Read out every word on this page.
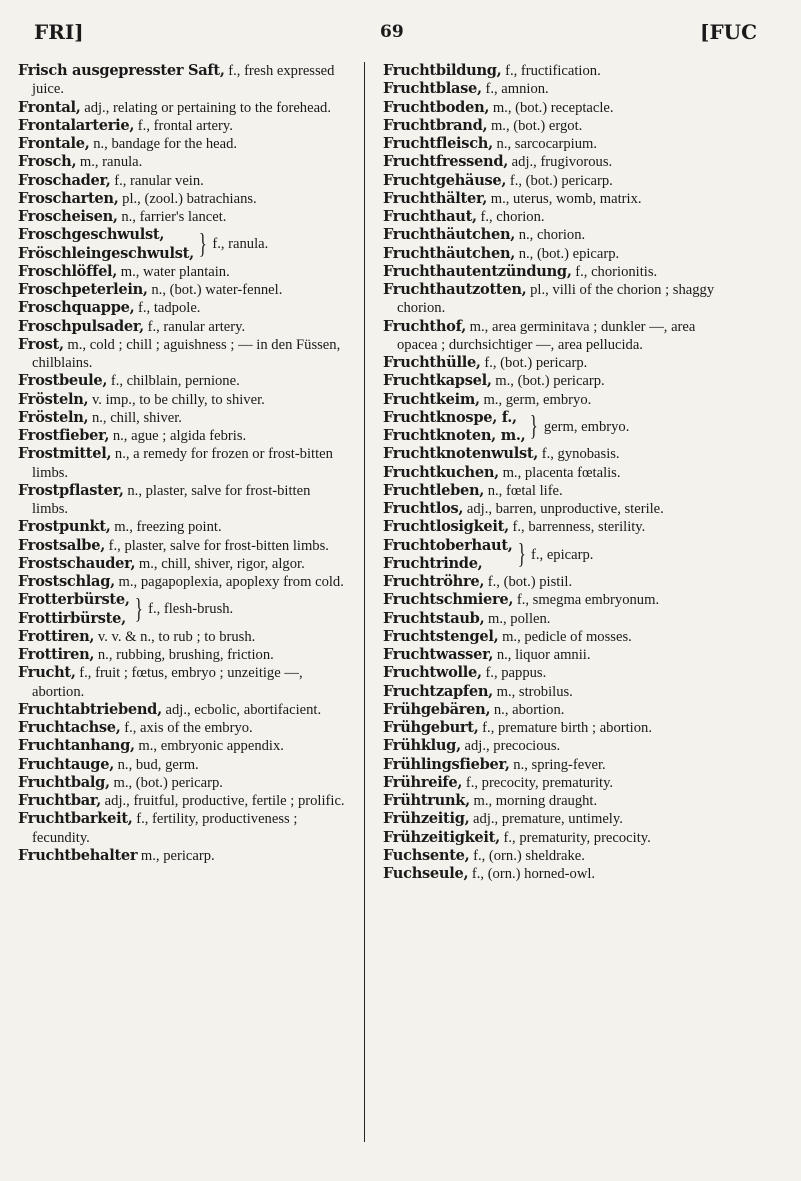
FRI]	69	[FUC

Frisch ausgepresster Saft, f., fresh expressed juice.

Frontal, adj., relating or pertaining to the forehead.

Frontalarterie, f., frontal artery.

Frontale, n., bandage for the head.

Frosch, m., ranula.

Froschader, f., ranular vein.

Froscharten, pl., (zool.) batrachians.

Froscheisen, n., farrier's lancet.

Froschgeschwulst,
Fröschleingeschwulst, } f., ranula.

Froschlöffel, m., water plantain.

Froschpeterlein, n., (bot.) water-fennel.

Froschquappe, f., tadpole.

Froschpulsader, f., ranular artery.

Frost, m., cold ; chill ; aguishness ; — in den Füssen, chilblains.

Frostbeule, f., chilblain, pernione.

Frösteln, v. imp., to be chilly, to shiver.

Frösteln, n., chill, shiver.

Frostfieber, n., ague ; algida febris.

Frostmittel, n., a remedy for frozen or frost-bitten limbs.

Frostpflaster, n., plaster, salve for frost-bitten limbs.

Frostpunkt, m., freezing point.

Frostsalbe, f., plaster, salve for frost-bitten limbs.

Frostschauder, m., chill, shiver, rigor, algor.

Frostschlag, m., pagapoplexia, apoplexy from cold.

Frotterbürste,
Frottirbürste, } f., flesh-brush.

Frottiren, v. v. & n., to rub ; to brush.

Frottiren, n., rubbing, brushing, friction.

Frucht, f., fruit ; fœtus, embryo ; unzeitige —, abortion.

Fruchtabtriebend, adj., ecbolic, abortifacient.

Fruchtachse, f., axis of the embryo.

Fruchtanhang, m., embryonic appendix.

Fruchtauge, n., bud, germ.

Fruchtbalg, m., (bot.) pericarp.

Fruchtbar, adj., fruitful, productive, fertile ; prolific.

Fruchtbarkeit, f., fertility, productiveness ; fecundity.

Fruchtbehalter m., pericarp.

Fruchtbildung, f., fructification.

Fruchtblase, f., amnion.

Fruchtboden, m., (bot.) receptacle.

Fruchtbrand, m., (bot.) ergot.

Fruchtfleisch, n., sarcocarpium.

Fruchtfressend, adj., frugivorous.

Fruchtgehäuse, f., (bot.) pericarp.

Fruchthälter, m., uterus, womb, matrix.

Fruchthaut, f., chorion.

Fruchthäutchen, n., chorion.

Fruchthäutchen, n., (bot.) epicarp.

Fruchthautentzündung, f., chorionitis.

Fruchthautzotten, pl., villi of the chorion ; shaggy chorion.

Fruchthof, m., area germinitava ; dunkler —, area opacea ; durchsichtiger —, area pellucida.

Fruchthülle, f., (bot.) pericarp.

Fruchtkapsel, m., (bot.) pericarp.

Fruchtkeim, m., germ, embryo.

Fruchtknospe, f.,
Fruchtknoten, m., } germ, embryo.

Fruchtknotenwulst, f., gynobasis.

Fruchtkuchen, m., placenta fœtalis.

Fruchtleben, n., fœtal life.

Fruchtlos, adj., barren, unproductive, sterile.

Fruchtlosigkeit, f., barrenness, sterility.

Fruchtoberhaut,
Fruchtrinde,	} f., epicarp.

Fruchtröhre, f., (bot.) pistil.

Fruchtschmiere, f., smegma embryonum.

Fruchtstaub, m., pollen.

Fruchtstengel, m., pedicle of mosses.

Fruchtwasser, n., liquor amnii.

Fruchtwolle, f., pappus.

Fruchtzapfen, m., strobilus.

Frühgebären, n., abortion.

Frühgeburt, f., premature birth ; abortion.

Frühklug, adj., precocious.

Frühlingsfieber, n., spring-fever.

Frühreife, f., precocity, prematurity.

Frühtrunk, m., morning draught.

Frühzeitig, adj., premature, untimely.

Frühzeitigkeit, f., prematurity, precocity.

Fuchsente, f., (orn.) sheldrake.

Fuchseule, f., (orn.) horned-owl.
